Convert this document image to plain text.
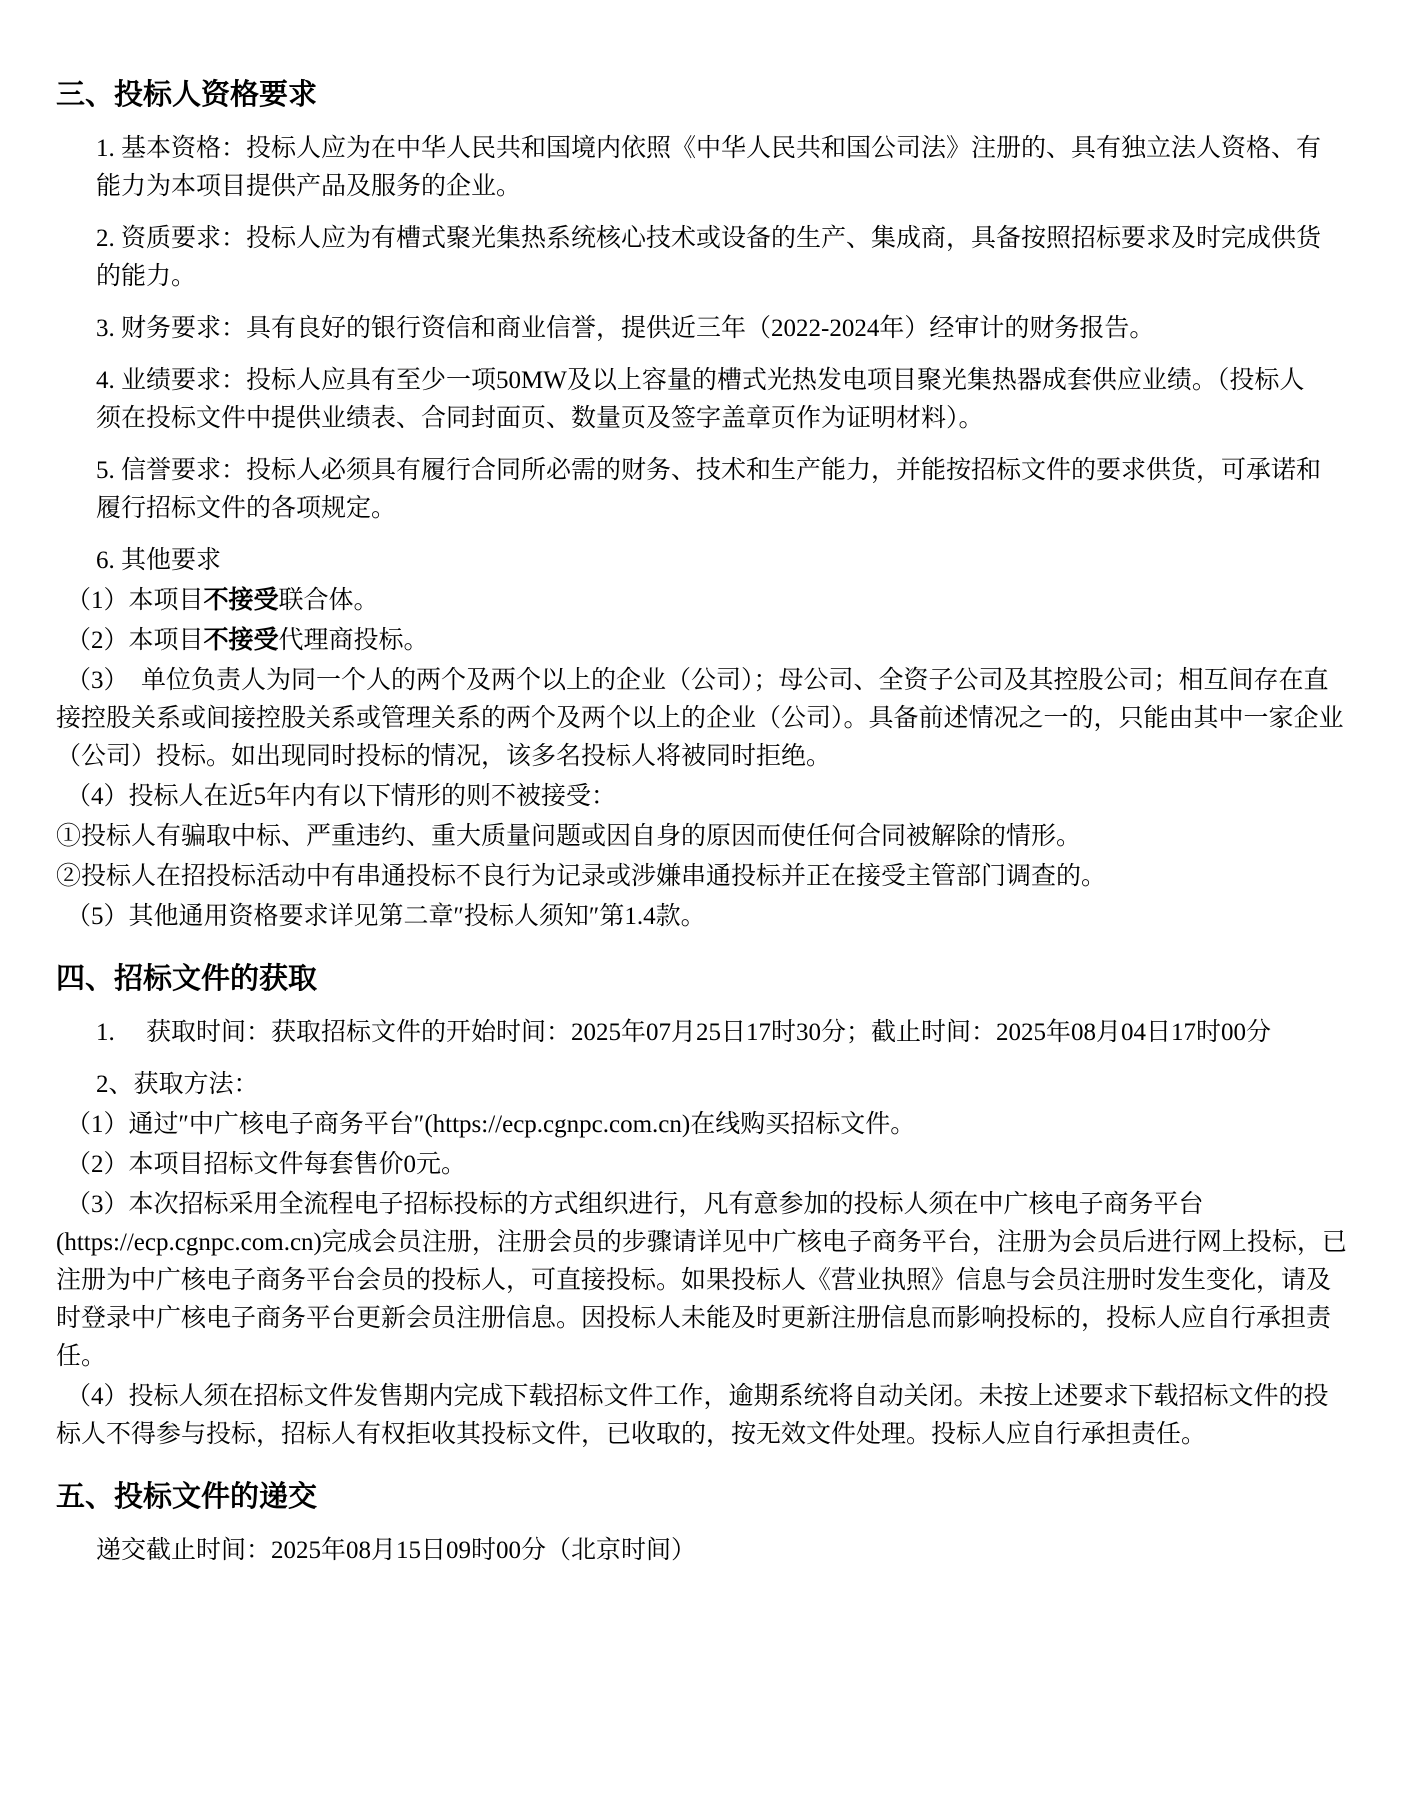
三、投标人资格要求

1. 基本资格：投标人应为在中华人民共和国境内依照《中华人民共和国公司法》注册的、具有独立法人资格、有能力为本项目提供产品及服务的企业。

2. 资质要求：投标人应为有槽式聚光集热系统核心技术或设备的生产、集成商，具备按照招标要求及时完成供货的能力。

3. 财务要求：具有良好的银行资信和商业信誉，提供近三年（2022-2024年）经审计的财务报告。

4. 业绩要求：投标人应具有至少一项50MW及以上容量的槽式光热发电项目聚光集热器成套供应业绩。（投标人须在投标文件中提供业绩表、合同封面页、数量页及签字盖章页作为证明材料）。

5. 信誉要求：投标人必须具有履行合同所必需的财务、技术和生产能力，并能按招标文件的要求供货，可承诺和履行招标文件的各项规定。

6. 其他要求

（1）本项目不接受联合体。

（2）本项目不接受代理商投标。

（3）　单位负责人为同一个人的两个及两个以上的企业（公司）；母公司、全资子公司及其控股公司；相互间存在直接控股关系或间接控股关系或管理关系的两个及两个以上的企业（公司）。具备前述情况之一的，只能由其中一家企业（公司）投标。如出现同时投标的情况，该多名投标人将被同时拒绝。

（4）投标人在近5年内有以下情形的则不被接受：

①投标人有骗取中标、严重违约、重大质量问题或因自身的原因而使任何合同被解除的情形。

②投标人在招投标活动中有串通投标不良行为记录或涉嫌串通投标并正在接受主管部门调查的。

（5）其他通用资格要求详见第二章″投标人须知″第1.4款。

四、招标文件的获取

1.　 获取时间：获取招标文件的开始时间：2025年07月25日17时30分；截止时间：2025年08月04日17时00分

2、获取方法：

（1）通过″中广核电子商务平台″(https://ecp.cgnpc.com.cn)在线购买招标文件。

（2）本项目招标文件每套售价0元。

（3）本次招标采用全流程电子招标投标的方式组织进行，凡有意参加的投标人须在中广核电子商务平台(https://ecp.cgnpc.com.cn)完成会员注册，注册会员的步骤请详见中广核电子商务平台，注册为会员后进行网上投标，已注册为中广核电子商务平台会员的投标人，可直接投标。如果投标人《营业执照》信息与会员注册时发生变化，请及时登录中广核电子商务平台更新会员注册信息。因投标人未能及时更新注册信息而影响投标的，投标人应自行承担责任。

（4）投标人须在招标文件发售期内完成下载招标文件工作，逾期系统将自动关闭。未按上述要求下载招标文件的投标人不得参与投标，招标人有权拒收其投标文件，已收取的，按无效文件处理。投标人应自行承担责任。

五、投标文件的递交

递交截止时间：2025年08月15日09时00分（北京时间）
